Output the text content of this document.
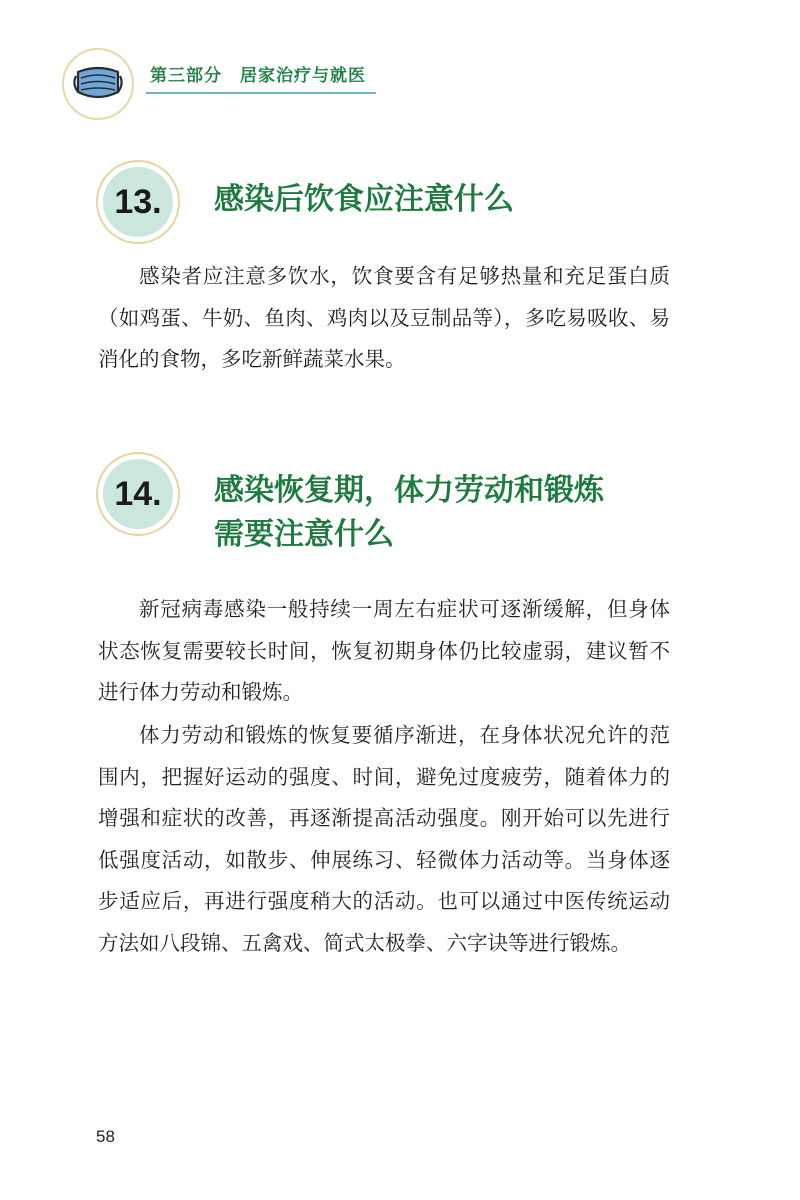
第三部分　居家治疗与就医
13.	感染后饮食应注意什么

感染者应注意多饮水，饮食要含有足够热量和充足蛋白质（如鸡蛋、牛奶、鱼肉、鸡肉以及豆制品等），多吃易吸收、易消化的食物，多吃新鲜蔬菜水果。

14.	感染恢复期，体力劳动和锻炼
需要注意什么

新冠病毒感染一般持续一周左右症状可逐渐缓解，但身体状态恢复需要较长时间，恢复初期身体仍比较虚弱，建议暂不进行体力劳动和锻炼。

体力劳动和锻炼的恢复要循序渐进，在身体状况允许的范围内，把握好运动的强度、时间，避免过度疲劳，随着体力的增强和症状的改善，再逐渐提高活动强度。刚开始可以先进行低强度活动，如散步、伸展练习、轻微体力活动等。当身体逐步适应后，再进行强度稍大的活动。也可以通过中医传统运动方法如八段锦、五禽戏、简式太极拳、六字诀等进行锻炼。

58
